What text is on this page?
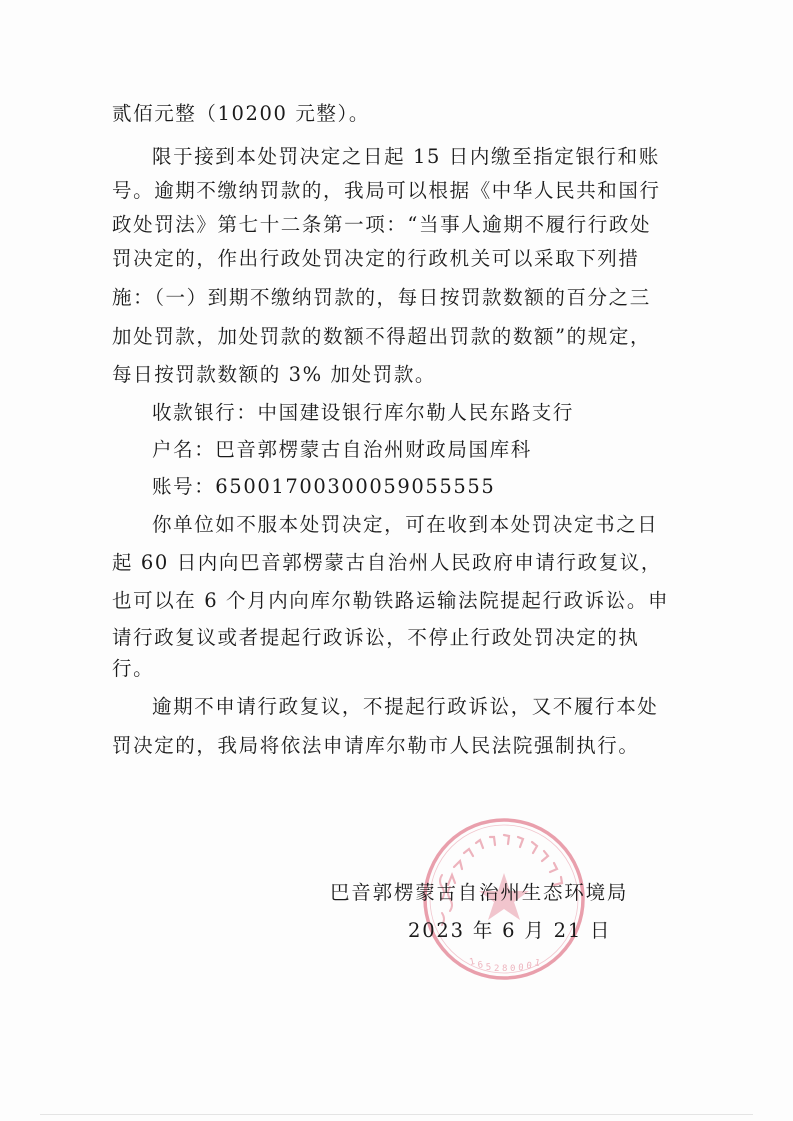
贰佰元整（10200 元整）。
限于接到本处罚决定之日起 15 日内缴至指定银行和账
号。逾期不缴纳罚款的，我局可以根据《中华人民共和国行
政处罚法》第七十二条第一项：“当事人逾期不履行行政处
罚决定的，作出行政处罚决定的行政机关可以采取下列措
施：（一）到期不缴纳罚款的，每日按罚款数额的百分之三
加处罚款，加处罚款的数额不得超出罚款的数额”的规定，
每日按罚款数额的 3% 加处罚款。
收款银行：中国建设银行库尔勒人民东路支行
户名：巴音郭楞蒙古自治州财政局国库科
账号：65001700300059055555
你单位如不服本处罚决定，可在收到本处罚决定书之日
起 60 日内向巴音郭楞蒙古自治州人民政府申请行政复议，
也可以在 6 个月内向库尔勒铁路运输法院提起行政诉讼。申
请行政复议或者提起行政诉讼，不停止行政处罚决定的执
行。
逾期不申请行政复议，不提起行政诉讼，又不履行本处
罚决定的，我局将依法申请库尔勒市人民法院强制执行。
1 6 5 2 8 0 0 0 1
巴音郭楞蒙古自治州生态环境局
2023 年 6 月 21 日
